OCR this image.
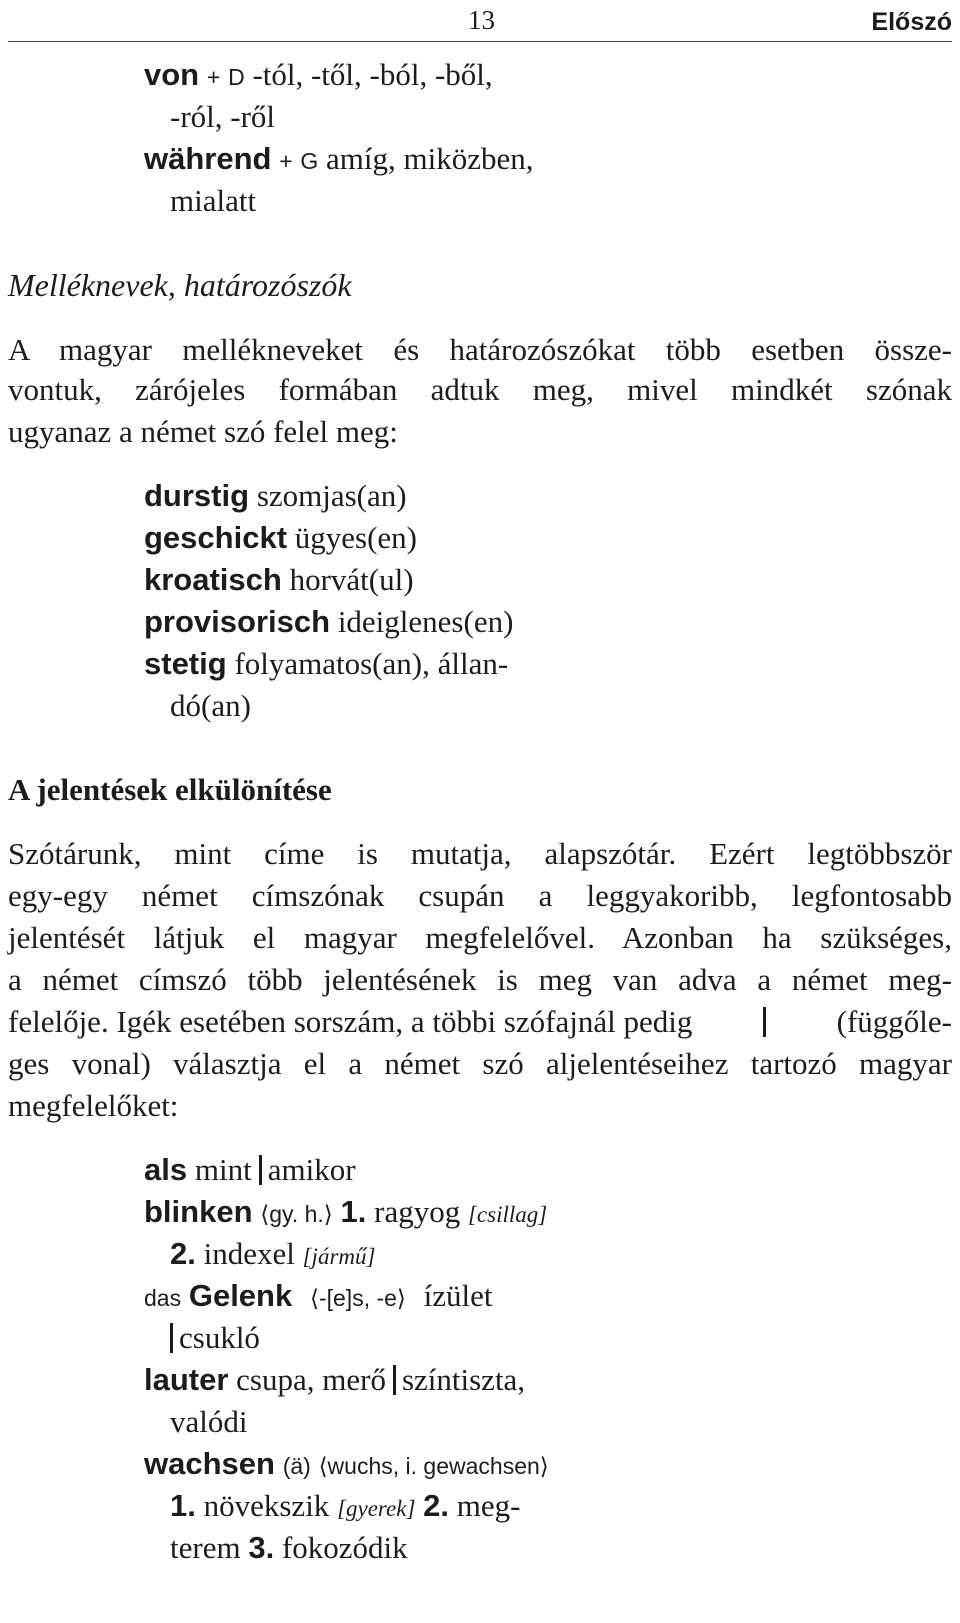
13	Előszó
von + D -tól, -től, -ból, -ből,
-ról, -ről
während + G amíg, miközben,
mialatt
Melléknevek, határozószók
A magyar mellékneveket és határozószókat több esetben össze-
vontuk, zárójeles formában adtuk meg, mivel mindkét szónak
ugyanaz a német szó felel meg:
durstig szomjas(an)
geschickt ügyes(en)
kroatisch horvát(ul)
provisorisch ideiglenes(en)
stetig folyamatos(an), állan-
dó(an)
A jelentések elkülönítése
Szótárunk, mint címe is mutatja, alapszótár. Ezért legtöbbször
egy-egy német címszónak csupán a leggyakoribb, legfontosabb
jelentését látjuk el magyar megfelelővel. Azonban ha szükséges,
a német címszó több jelentésének is meg van adva a német meg-
felelője. Igék esetében sorszám, a többi szófajnál pedig	(függőle-
ges vonal) választja el a német szó aljelentéseihez tartozó magyar
megfelelőket:
als mint amikor
blinken ⟨gy. h.⟩ 1. ragyog [csillag]
2. indexel [jármű]
das Gelenk ⟨-[e]s, -e⟩ ízület
csukló
lauter csupa, merő színtiszta,
valódi
wachsen (ä) ⟨wuchs, i. gewachsen⟩
1. növekszik [gyerek] 2. meg-
terem 3. fokozódik
